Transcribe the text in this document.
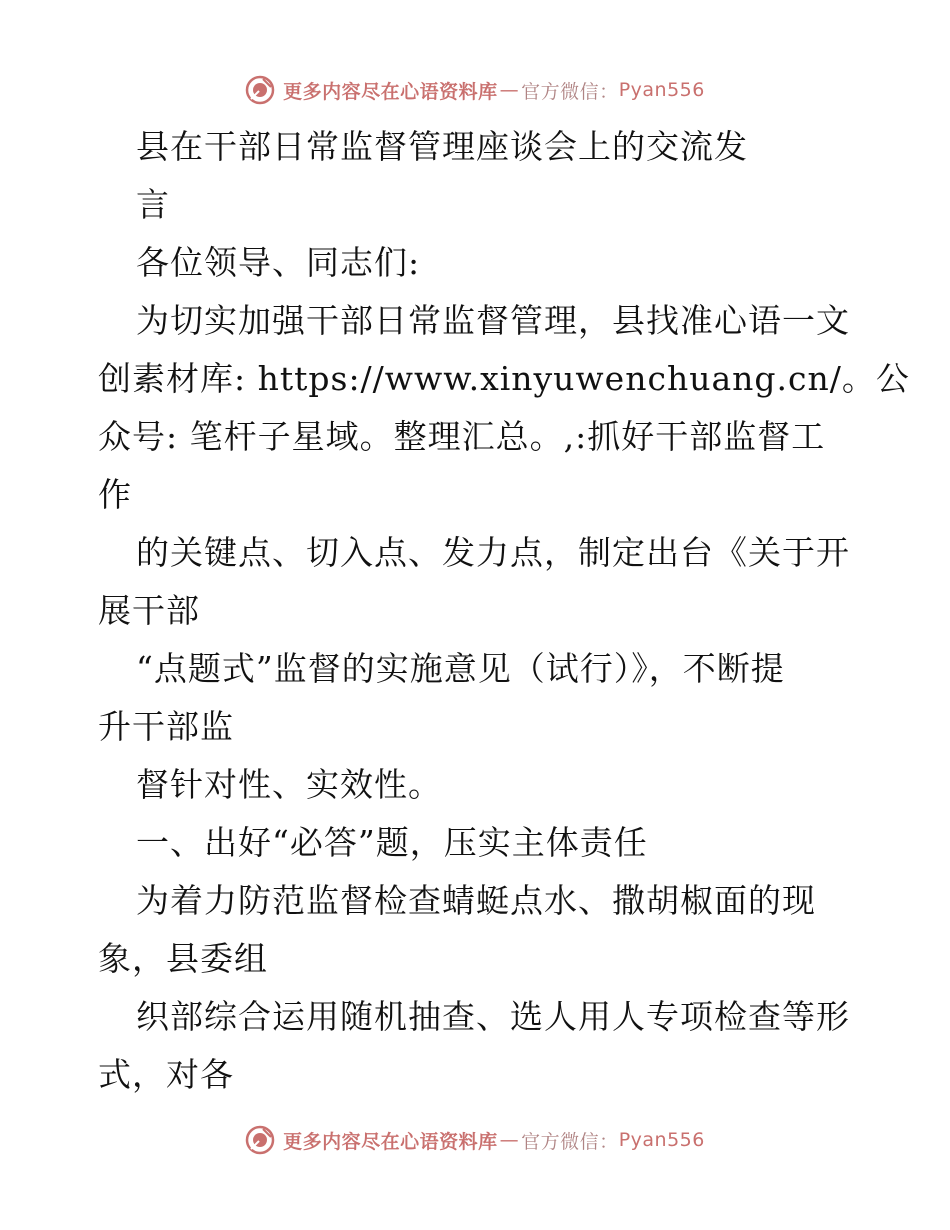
更多内容尽在心语资料库 — 官方微信： Pyan556
县在干部日常监督管理座谈会上的交流发
言
各位领导、同志们:
为切实加强干部日常监督管理，县找准心语一文
创素材库: https://www.xinyuwenchuang.cn/。公
众号: 笔杆子星域。整理汇总。,:抓好干部监督工
作
的关键点、切入点、发力点，制定出台《关于开
展干部
“点题式”监督的实施意见（试行）》，不断提
升干部监
督针对性、实效性。
一、出好“必答”题，压实主体责任
为着力防范监督检查蜻蜓点水、撒胡椒面的现
象，县委组
织部综合运用随机抽查、选人用人专项检查等形
式，对各
更多内容尽在心语资料库 — 官方微信： Pyan556
